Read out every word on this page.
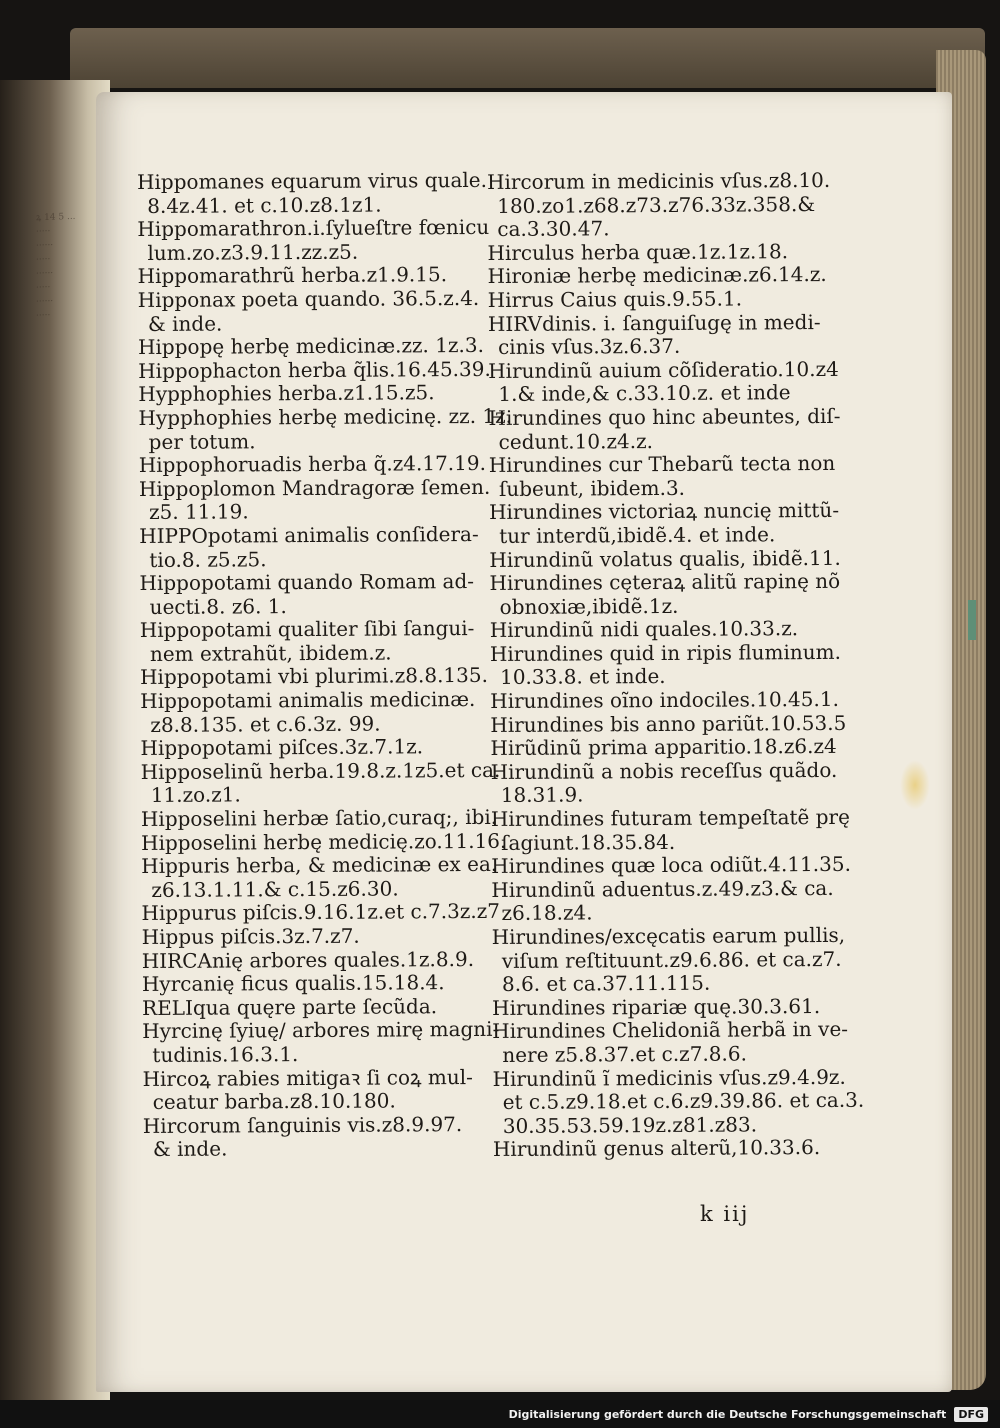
ꝝ 14 5 ...
·····
······
·····
······
·····
······
·····
Hippomanes equarum virus quale.
8.4z.41. et c.10.z8.1z1.
Hippomarathron.i.ſylueſtre fœnicu
lum.zo.z3.9.11.zz.z5.
Hippomarathrũ herba.z1.9.15.
Hipponax poeta quando. 36.5.z.4.
& inde.
Hippopę herbę medicinæ.zz. 1z.3.
Hippophacton herba q̃lis.16.45.39.
Hypphophies herba.z1.15.z5.
Hypphophies herbę medicinę. zz. 1z.
per totum.
Hippophoruadis herba q̃.z4.17.19.
Hippoplomon Mandragoræ ſemen.
z5. 11.19.
HIPPOpotami animalis conſidera-
tio.8. z5.z5.
Hippopotami quando Romam ad-
uecti.8. z6. 1.
Hippopotami qualiter ſibi ſangui-
nem extrahũt, ibidem.z.
Hippopotami vbi plurimi.z8.8.135.
Hippopotami animalis medicinæ.
z8.8.135. et c.6.3z. 99.
Hippopotami piſces.3z.7.1z.
Hipposelinũ herba.19.8.z.1z5.et ca.
11.zo.z1.
Hipposelini herbæ ſatio,curaq;, ibi.
Hipposelini herbę medicię.zo.11.16.
Hippuris herba, & medicinæ ex ea.
z6.13.1.11.& c.15.z6.30.
Hippurus piſcis.9.16.1z.et c.7.3z.z7
Hippus piſcis.3z.7.z7.
HIRCAnię arbores quales.1z.8.9.
Hyrcanię ficus qualis.15.18.4.
RELIqua quęre parte ſecũda.
Hyrcinę ſyiuę/ arbores mirę magni-
tudinis.16.3.1.
Hircoꝝ rabies mitigaꝛ ſi coꝝ mul-
ceatur barba.z8.10.180.
Hircorum ſanguinis vis.z8.9.97.
& inde.
Hircorum in medicinis vſus.z8.10.
180.zo1.z68.z73.z76.33z.358.&
ca.3.30.47.
Hirculus herba quæ.1z.1z.18.
Hironiæ herbę medicinæ.z6.14.z.
Hirrus Caius quis.9.55.1.
HIRVdinis. i. ſanguiſugę in medi-
cinis vſus.3z.6.37.
Hirundinũ auium cõſideratio.10.z4
1.& inde,& c.33.10.z. et inde
Hirundines quo hinc abeuntes, diſ-
cedunt.10.z4.z.
Hirundines cur Thebarũ tecta non
ſubeunt, ibidem.3.
Hirundines victoriaꝝ nuncię mittũ-
tur interdũ,ibidẽ.4. et inde.
Hirundinũ volatus qualis, ibidẽ.11.
Hirundines cęteraꝝ alitũ rapinę nõ
obnoxiæ,ibidẽ.1z.
Hirundinũ nidi quales.10.33.z.
Hirundines quid in ripis fluminum.
10.33.8. et inde.
Hirundines oĩno indociles.10.45.1.
Hirundines bis anno pariũt.10.53.5
Hirũdinũ prima apparitio.18.z6.z4
Hirundinũ a nobis receſſus quãdo.
18.31.9.
Hirundines futuram tempeſtatẽ prę
ſagiunt.18.35.84.
Hirundines quæ loca odiũt.4.11.35.
Hirundinũ aduentus.z.49.z3.& ca.
z6.18.z4.
Hirundines/excęcatis earum pullis,
viſum reſtituunt.z9.6.86. et ca.z7.
8.6. et ca.37.11.115.
Hirundines ripariæ quę.30.3.61.
Hirundines Chelidoniã herbã in ve-
nere z5.8.37.et c.z7.8.6.
Hirundinũ ĩ medicinis vſus.z9.4.9z.
et c.5.z9.18.et c.6.z9.39.86. et ca.3.
30.35.53.59.19z.z81.z83.
Hirundinũ genus alterũ,10.33.6.
k iij
Digitalisierung gefördert durch die Deutsche Forschungsgemeinschaft	DFG
